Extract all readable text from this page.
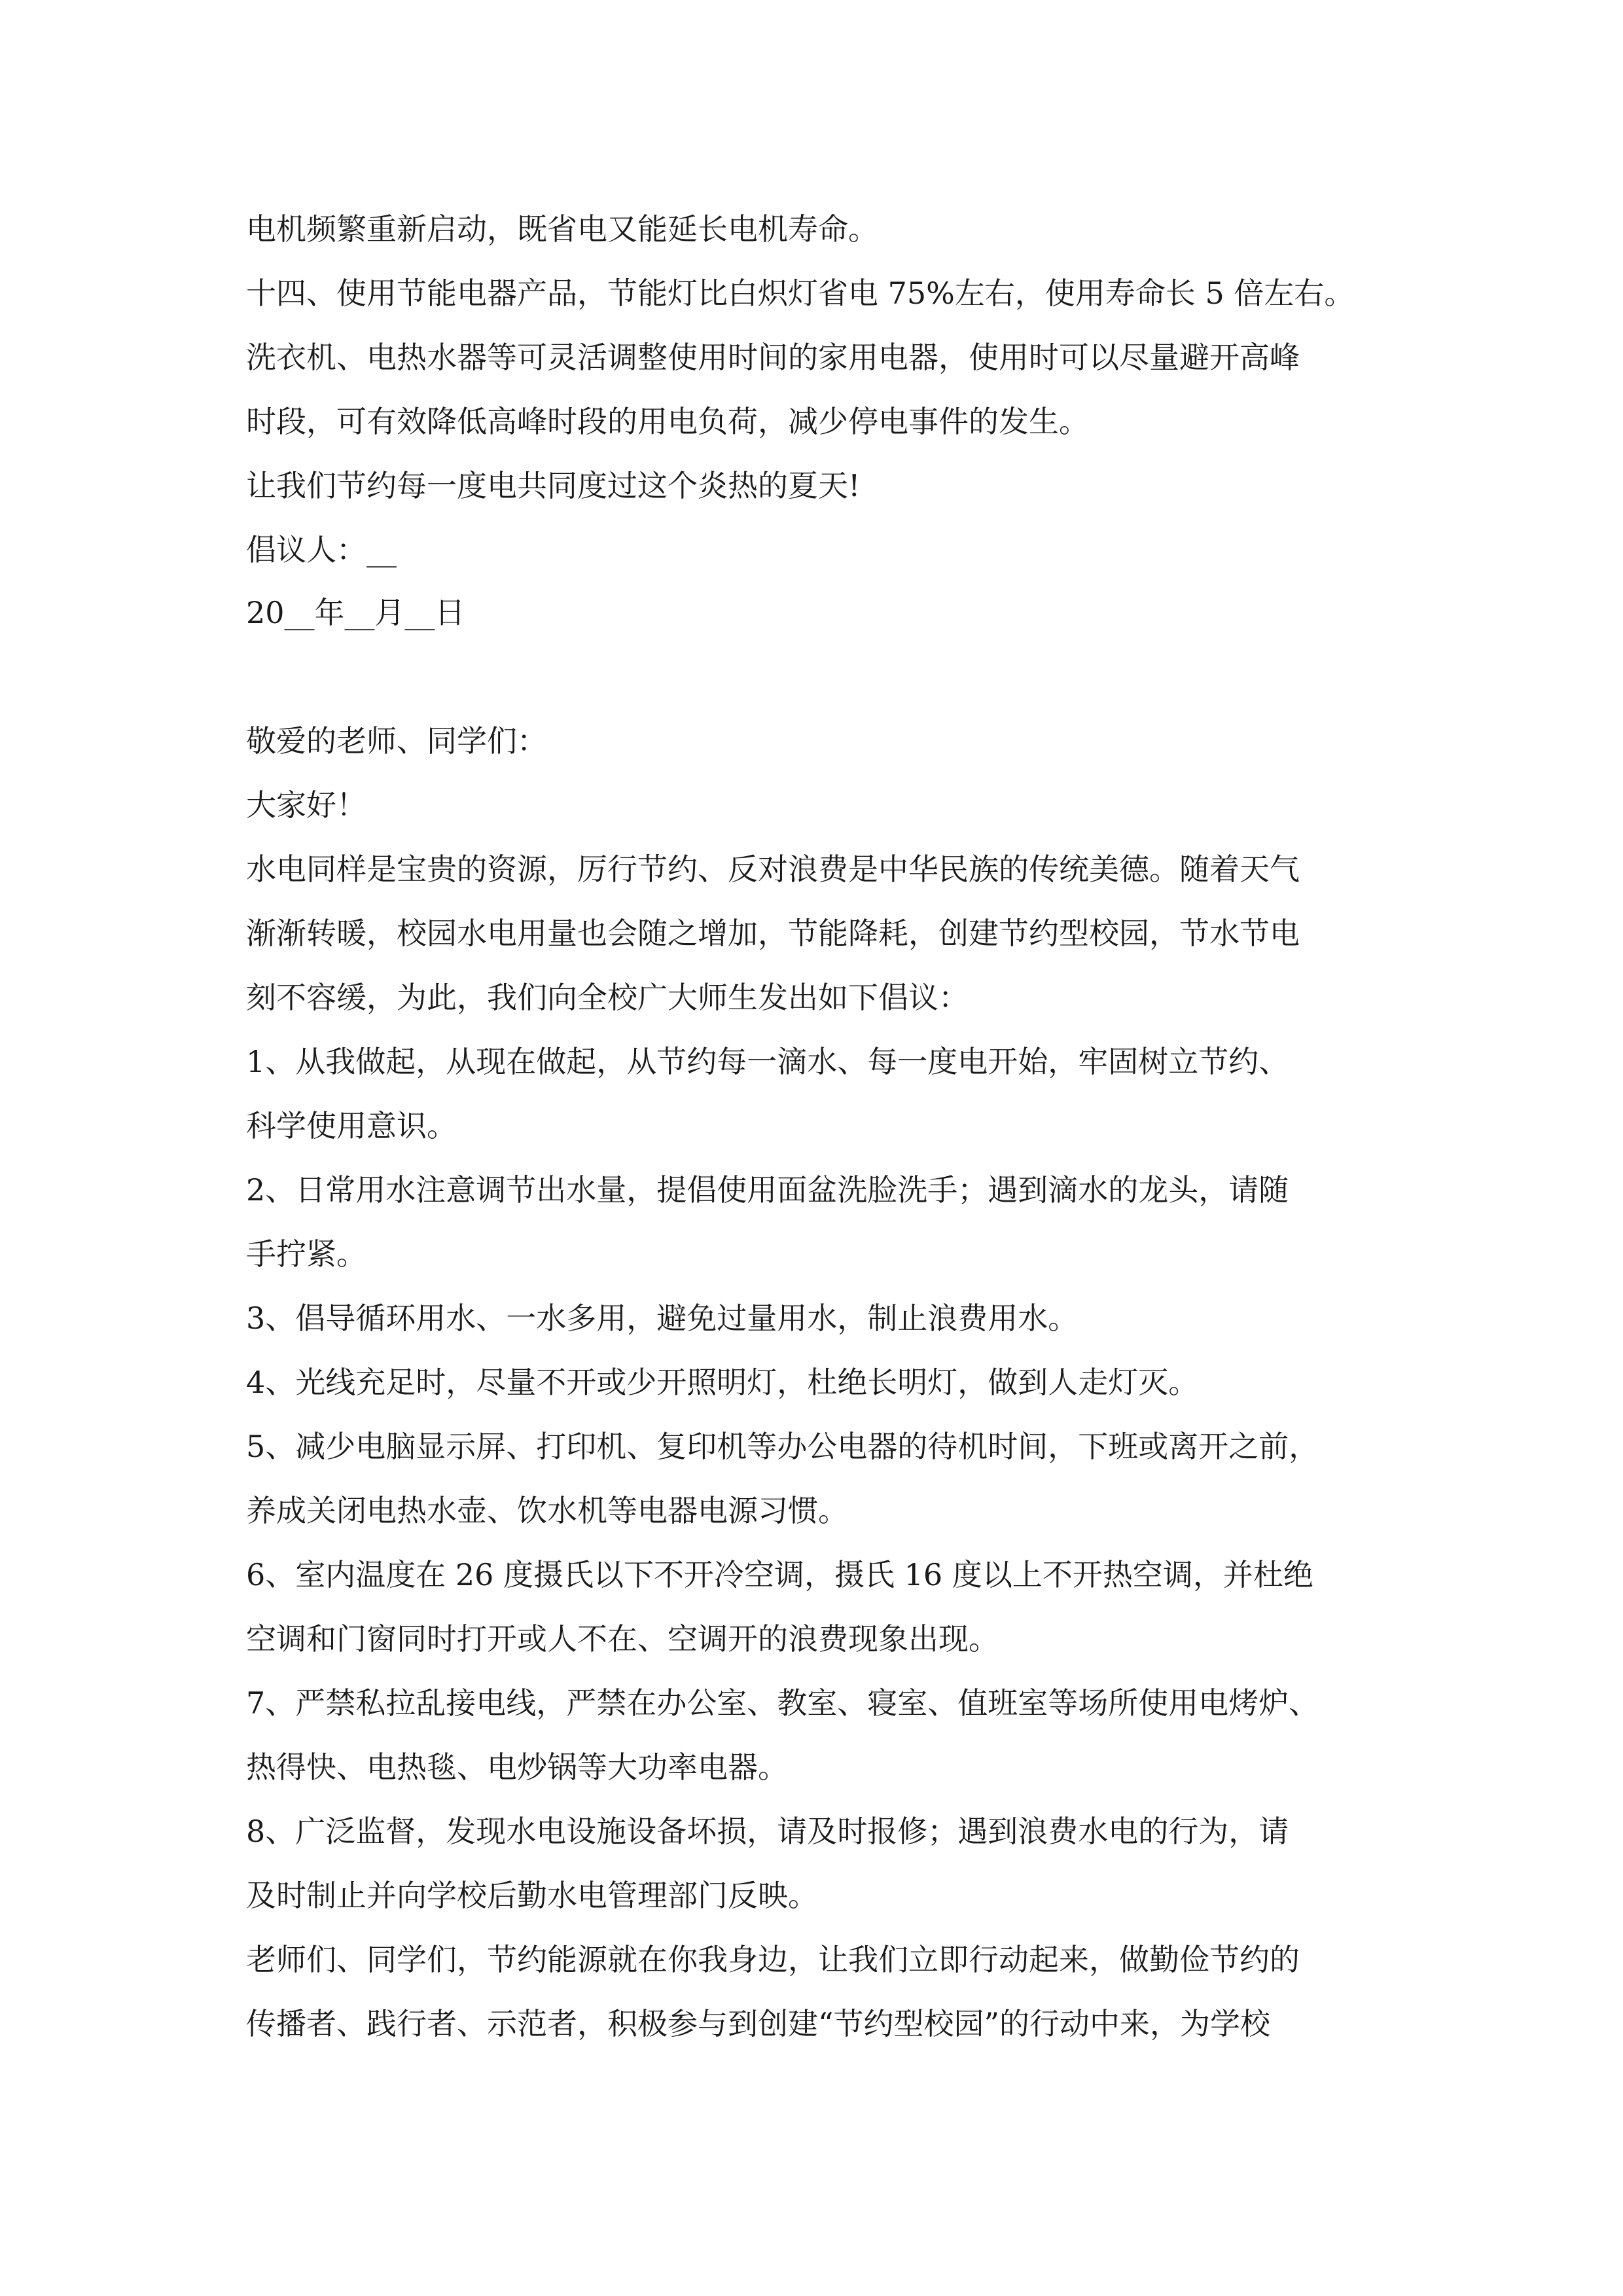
电机频繁重新启动，既省电又能延长电机寿命。

十四、使用节能电器产品，节能灯比白炽灯省电 75%左右，使用寿命长 5 倍左右。

洗衣机、电热水器等可灵活调整使用时间的家用电器，使用时可以尽量避开高峰

时段，可有效降低高峰时段的用电负荷，减少停电事件的发生。

让我们节约每一度电共同度过这个炎热的夏天!

倡议人：__

20__年__月__日

敬爱的老师、同学们：

大家好！

水电同样是宝贵的资源，厉行节约、反对浪费是中华民族的传统美德。随着天气

渐渐转暖，校园水电用量也会随之增加，节能降耗，创建节约型校园，节水节电

刻不容缓，为此，我们向全校广大师生发出如下倡议：

1、从我做起，从现在做起，从节约每一滴水、每一度电开始，牢固树立节约、

科学使用意识。

2、日常用水注意调节出水量，提倡使用面盆洗脸洗手；遇到滴水的龙头，请随

手拧紧。

3、倡导循环用水、一水多用，避免过量用水，制止浪费用水。

4、光线充足时，尽量不开或少开照明灯，杜绝长明灯，做到人走灯灭。

5、减少电脑显示屏、打印机、复印机等办公电器的待机时间，下班或离开之前，

养成关闭电热水壶、饮水机等电器电源习惯。

6、室内温度在 26 度摄氏以下不开冷空调，摄氏 16 度以上不开热空调，并杜绝

空调和门窗同时打开或人不在、空调开的浪费现象出现。

7、严禁私拉乱接电线，严禁在办公室、教室、寝室、值班室等场所使用电烤炉、

热得快、电热毯、电炒锅等大功率电器。

8、广泛监督，发现水电设施设备坏损，请及时报修；遇到浪费水电的行为，请

及时制止并向学校后勤水电管理部门反映。

老师们、同学们，节约能源就在你我身边，让我们立即行动起来，做勤俭节约的

传播者、践行者、示范者，积极参与到创建“节约型校园”的行动中来，为学校
